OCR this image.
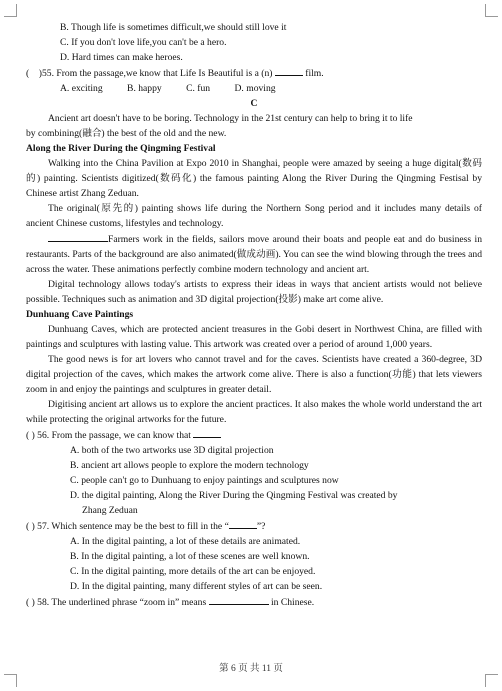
B. Though life is sometimes difficult,we should still love it
C. If you don't love life,you can't be a hero.
D. Hard times can make heroes.
( )55. From the passage,we know that Life Is Beautiful is a (n)	film.
A. exciting	B. happy	C. fun	D. moving
C
Ancient art doesn't have to be boring. Technology in the 21st century can help to bring it to life
by combining(融合) the best of the old and the new.
Along the River During the Qingming Festival
Walking into the China Pavilion at Expo 2010 in Shanghai, people were amazed by seeing a huge digital(数码的) painting. Scientists digitized(数码化) the famous painting Along the River During the Qingming Festisal by Chinese artist Zhang Zeduan.
The original(原先的) painting shows life during the Northern Song period and it includes many details of ancient Chinese customs, lifestyles and technology.
Farmers work in the fields, sailors move around their boats and people eat and do business in restaurants. Parts of the background are also animated(做成动画). You can see the wind blowing through the trees and across the water. These animations perfectly combine modern technology and ancient art.
Digital technology allows today's artists to express their ideas in ways that ancient artists would not believe possible. Techniques such as animation and 3D digital projection(投影) make art come alive.
Dunhuang Cave Paintings
Dunhuang Caves, which are protected ancient treasures in the Gobi desert in Northwest China, are filled with paintings and sculptures with lasting value. This artwork was created over a period of around 1,000 years.
The good news is for art lovers who cannot travel and for the caves. Scientists have created a 360-degree, 3D digital projection of the caves, which makes the artwork come alive. There is also a function(功能) that lets viewers zoom in and enjoy the paintings and sculptures in greater detail.
Digitising ancient art allows us to explore the ancient practices. It also makes the whole world understand the art while protecting the original artworks for the future.
( ) 56. From the passage, we can know that
A. both of the two artworks use 3D digital projection
B. ancient art allows people to explore the modern technology
C. people can't go to Dunhuang to enjoy paintings and sculptures now
D. the digital painting, Along the River During the Qingming Festival was created by
Zhang Zeduan
( ) 57. Which sentence may be the best to fill in the “	”?
A. In the digital painting, a lot of these details are animated.
B. In the digital painting, a lot of these scenes are well known.
C. In the digital painting, more details of the art can be enjoyed.
D. In the digital painting, many different styles of art can be seen.
( ) 58. The underlined phrase “zoom in” means	in Chinese.
第 6 页 共 11 页
